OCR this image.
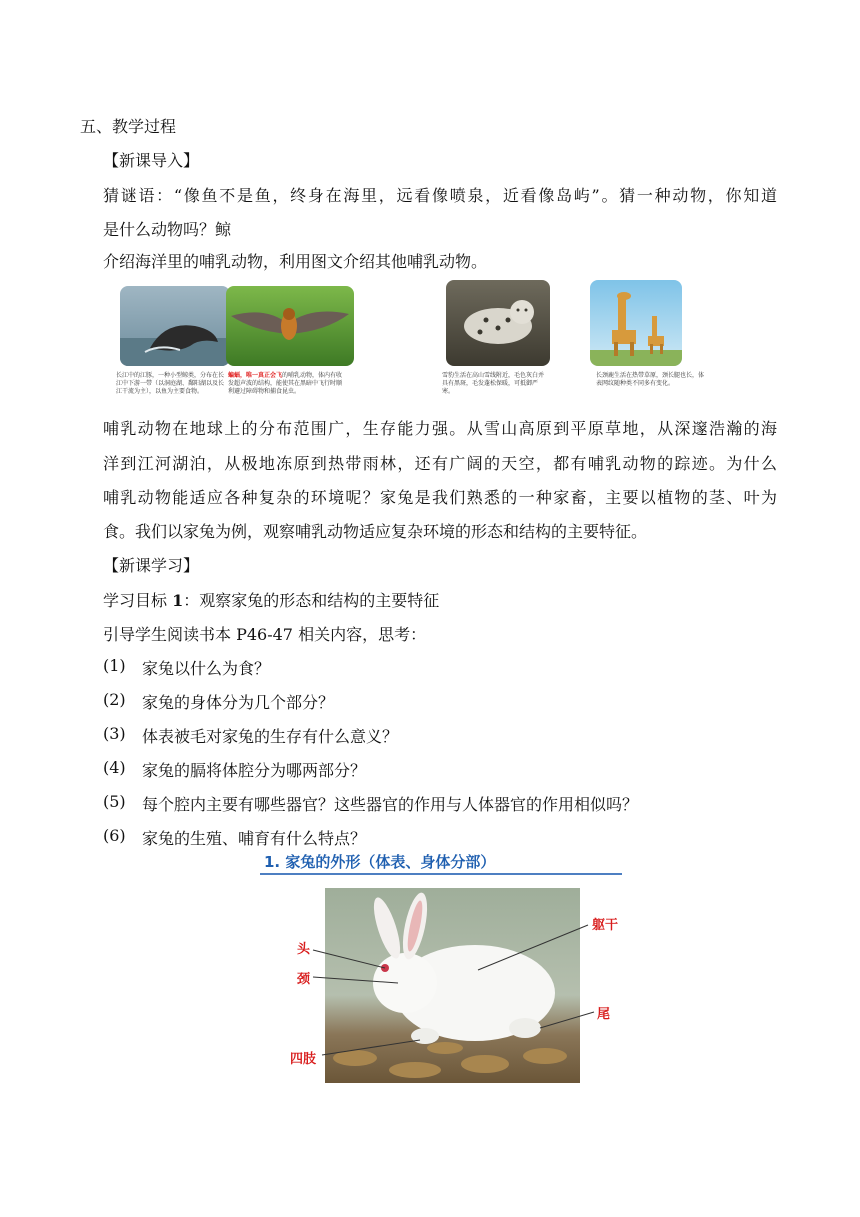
五、教学过程
【新课导入】
猜谜语：“像鱼不是鱼，终身在海里，远看像喷泉，近看像岛屿”。猜一种动物，你知道
是什么动物吗？鲸
介绍海洋里的哺乳动物，利用图文介绍其他哺乳动物。
长江中的江豚，一种小型鲸类，分布在长江中下游一带（以洞庭湖、鄱阳湖以及长江干流为主），以鱼为主要食物。
蝙蝠，唯一真正会飞的哺乳动物，体内有收发超声波的结构，能使其在黑暗中飞行时顺利避过障碍物和捕食昆虫。
雪豹生活在高山雪线附近，毛色灰白并具有黑斑，毛发蓬松保暖，可抵御严寒。
长颈鹿生活在热带草原，颈长腿也长，体表网纹随种类不同多有变化。
哺乳动物在地球上的分布范围广，生存能力强。从雪山高原到平原草地，从深邃浩瀚的海
洋到江河湖泊，从极地冻原到热带雨林，还有广阔的天空，都有哺乳动物的踪迹。为什么
哺乳动物能适应各种复杂的环境呢？家兔是我们熟悉的一种家畜，主要以植物的茎、叶为
食。我们以家兔为例，观察哺乳动物适应复杂环境的形态和结构的主要特征。
【新课学习】
学习目标 1：观察家兔的形态和结构的主要特征
引导学生阅读书本 P46-47 相关内容，思考：
(1) 家兔以什么为食？
(2) 家兔的身体分为几个部分？
(3) 体表被毛对家兔的生存有什么意义？
(4) 家兔的膈将体腔分为哪两部分？
(5) 每个腔内主要有哪些器官？这些器官的作用与人体器官的作用相似吗？
(6) 家兔的生殖、哺育有什么特点？
1. 家兔的外形（体表、身体分部）
头
颈
四肢
躯干
尾
